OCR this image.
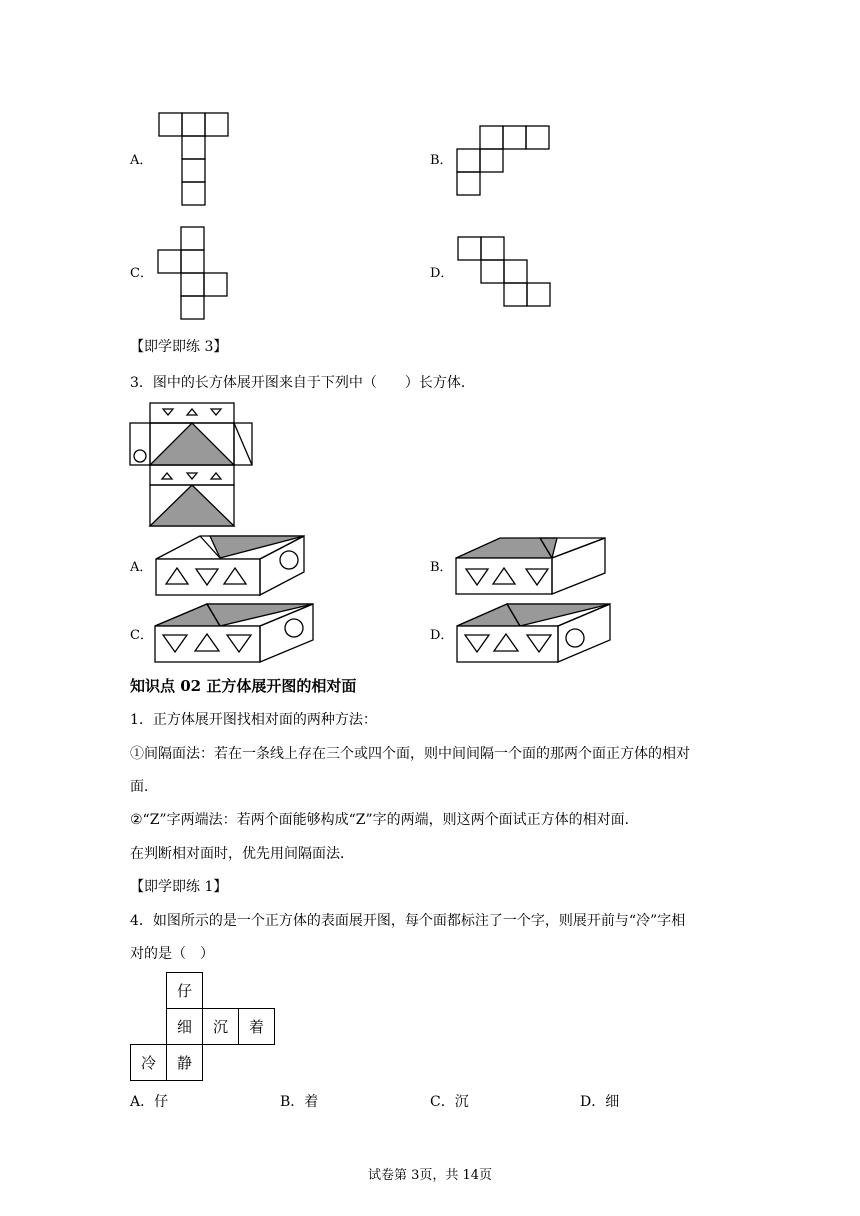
A．	B．
C．	D．
【即学即练 3】
3．图中的长方体展开图来自于下列中（　　）长方体．
A．	B．
C．	D．
知识点 02 正方体展开图的相对面
1．正方体展开图找相对面的两种方法：
①间隔面法：若在一条线上存在三个或四个面，则中间间隔一个面的那两个面正方体的相对
面．
②“Z”字两端法：若两个面能够构成“Z”字的两端，则这两个面试正方体的相对面．
在判断相对面时，优先用间隔面法．
【即学即练 1】
4．如图所示的是一个正方体的表面展开图，每个面都标注了一个字，则展开前与“冷”字相
对的是（　）
仔
细	沉	着
冷	静
A．仔	B．着	C．沉	D．细
试卷第 3页，共 14页
